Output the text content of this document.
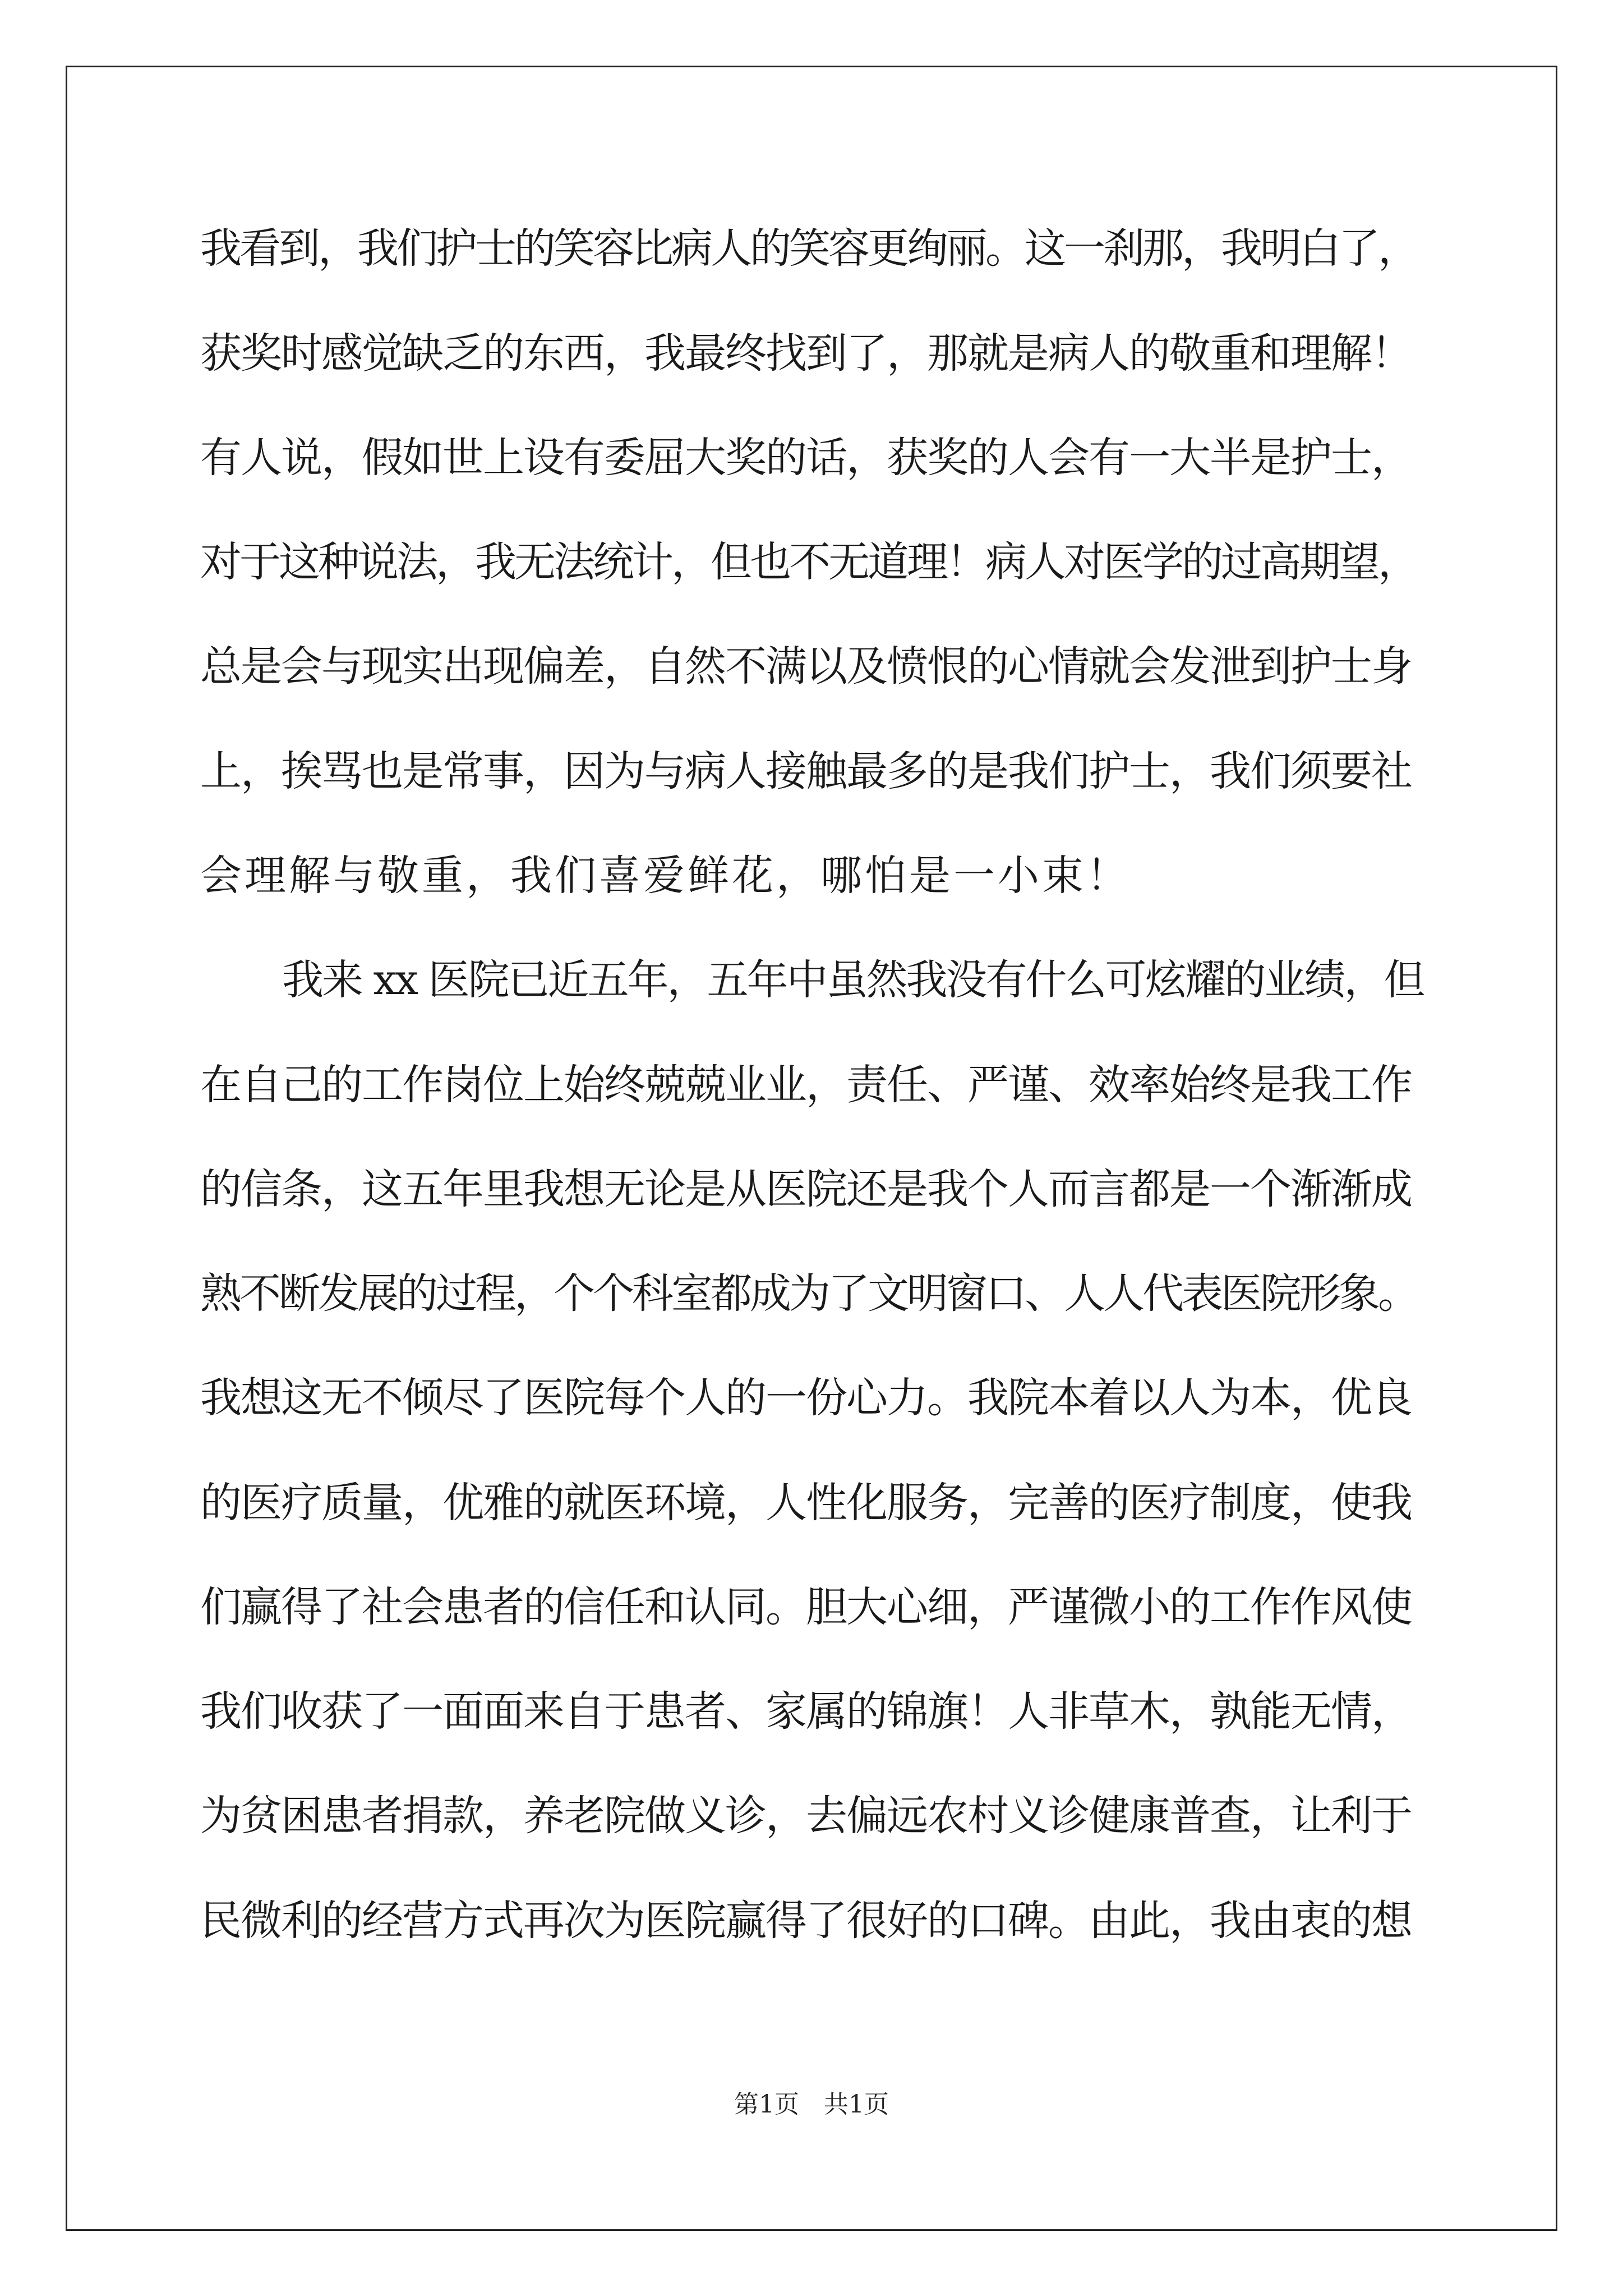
我看到，我们护士的笑容比病人的笑容更绚丽。这一刹那，我明白了，

获奖时感觉缺乏的东西，我最终找到了，那就是病人的敬重和理解！

有人说，假如世上设有委屈大奖的话，获奖的人会有一大半是护士，

对于这种说法，我无法统计，但也不无道理！病人对医学的过高期望，

总是会与现实出现偏差，自然不满以及愤恨的心情就会发泄到护士身

上，挨骂也是常事，因为与病人接触最多的是我们护士，我们须要社

会理解与敬重，我们喜爱鲜花，哪怕是一小束！

我来 xx 医院已近五年，五年中虽然我没有什么可炫耀的业绩，但

在自己的工作岗位上始终兢兢业业，责任、严谨、效率始终是我工作

的信条，这五年里我想无论是从医院还是我个人而言都是一个渐渐成

熟不断发展的过程，个个科室都成为了文明窗口、人人代表医院形象。

我想这无不倾尽了医院每个人的一份心力。我院本着以人为本，优良

的医疗质量，优雅的就医环境，人性化服务，完善的医疗制度，使我

们赢得了社会患者的信任和认同。胆大心细，严谨微小的工作作风使

我们收获了一面面来自于患者、家属的锦旗！人非草木，孰能无情，

为贫困患者捐款，养老院做义诊，去偏远农村义诊健康普查，让利于

民微利的经营方式再次为医院赢得了很好的口碑。由此，我由衷的想

第1页　共1页
